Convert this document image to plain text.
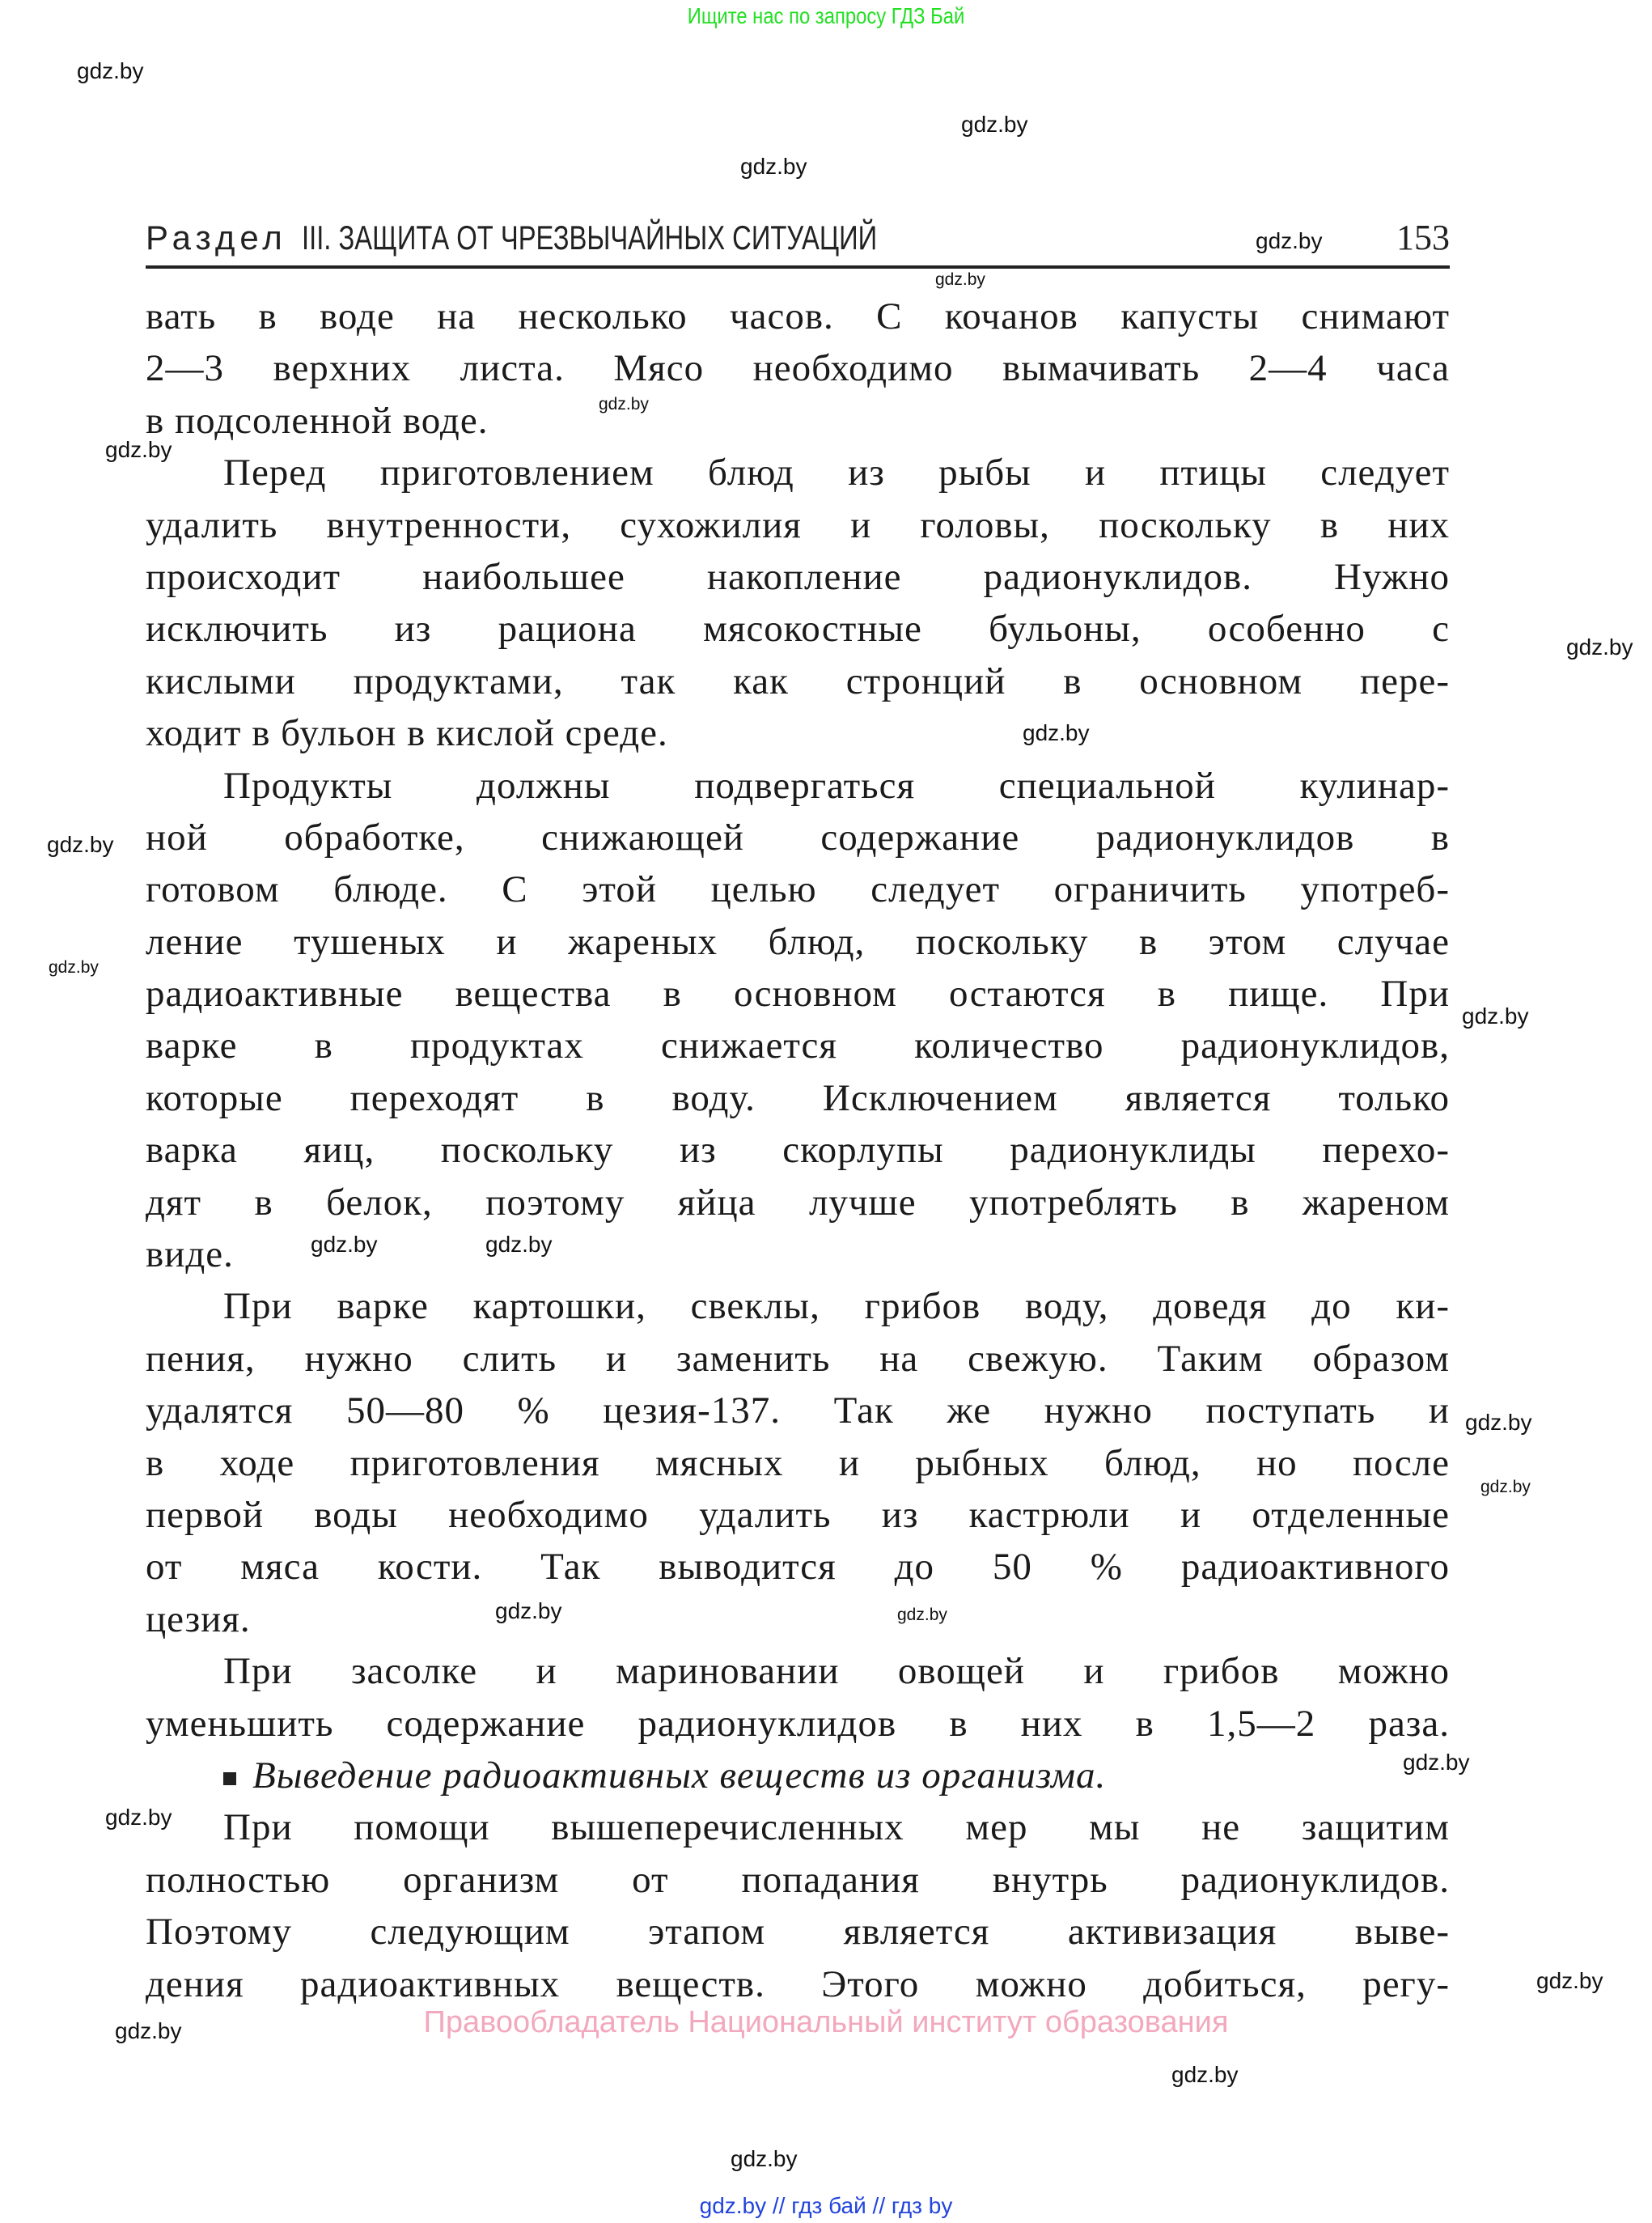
Ищите нас по запросу ГДЗ Бай
Раздел III. ЗАЩИТА ОТ ЧРЕЗВЫЧАЙНЫХ СИТУАЦИЙ	153
вать в воде на несколько часов. С кочанов капусты снимают
2—3 верхних листа. Мясо необходимо вымачивать 2—4 часа
в подсоленной воде.
Перед приготовлением блюд из рыбы и птицы следует
удалить внутренности, сухожилия и головы, поскольку в них
происходит наибольшее накопление радионуклидов. Нужно
исключить из рациона мясокостные бульоны, особенно с
кислыми продуктами, так как стронций в основном пере-
ходит в бульон в кислой среде.
Продукты должны подвергаться специальной кулинар-
ной обработке, снижающей содержание радионуклидов в
готовом блюде. С этой целью следует ограничить употреб-
ление тушеных и жареных блюд, поскольку в этом случае
радиоактивные вещества в основном остаются в пище. При
варке в продуктах снижается количество радионуклидов,
которые переходят в воду. Исключением является только
варка яиц, поскольку из скорлупы радионуклиды перехо-
дят в белок, поэтому яйца лучше употреблять в жареном
виде.
При варке картошки, свеклы, грибов воду, доведя до ки-
пения, нужно слить и заменить на свежую. Таким образом
удалятся 50—80 % цезия-137. Так же нужно поступать и
в ходе приготовления мясных и рыбных блюд, но после
первой воды необходимо удалить из кастрюли и отделенные
от мяса кости. Так выводится до 50 % радиоактивного
цезия.
При засолке и мариновании овощей и грибов можно
уменьшить содержание радионуклидов в них в 1,5—2 раза.
Выведение радиоактивных веществ из организма.
При помощи вышеперечисленных мер мы не защитим
полностью организм от попадания внутрь радионуклидов.
Поэтому следующим этапом является активизация выве-
дения радиоактивных веществ. Этого можно добиться, регу-
gdz.by
gdz.by
gdz.by
gdz.by
gdz.by
gdz.by
gdz.by
gdz.by
gdz.by
gdz.by
gdz.by
gdz.by
gdz.by
gdz.by
gdz.by
gdz.by
gdz.by	gdz.by
gdz.by
gdz.by
gdz.by
gdz.by
gdz.by
gdz.by
Правообладатель Национальный институт образования
gdz.by // гдз бай // гдз by
